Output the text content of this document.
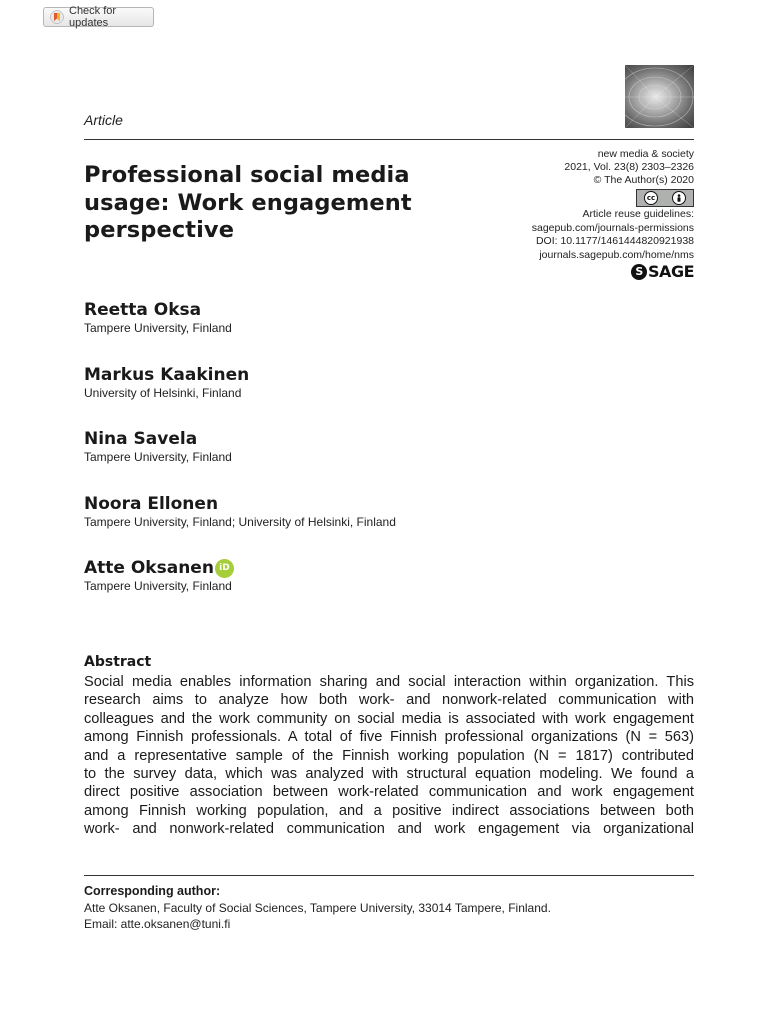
Check for updates
Article
Professional social media
usage: Work engagement
perspective
new media & society
2021, Vol. 23(8) 2303–2326
© The Author(s) 2020
cc
Article reuse guidelines:
sagepub.com/journals-permissions
DOI: 10.1177/1461444820921938
journals.sagepub.com/home/nms
S SAGE
Reetta Oksa
Tampere University, Finland
Markus Kaakinen
University of Helsinki, Finland
Nina Savela
Tampere University, Finland
Noora Ellonen
Tampere University, Finland; University of Helsinki, Finland
Atte Oksanen iD
Tampere University, Finland
Abstract
Social media enables information sharing and social interaction within organization. This
research aims to analyze how both work- and nonwork-related communication with
colleagues and the work community on social media is associated with work engagement
among Finnish professionals. A total of five Finnish professional organizations (N = 563)
and a representative sample of the Finnish working population (N = 1817) contributed
to the survey data, which was analyzed with structural equation modeling. We found a
direct positive association between work-related communication and work engagement
among Finnish working population, and a positive indirect associations between both
work- and nonwork-related communication and work engagement via organizational
Corresponding author:
Atte Oksanen, Faculty of Social Sciences, Tampere University, 33014 Tampere, Finland.
Email: atte.oksanen@tuni.fi
